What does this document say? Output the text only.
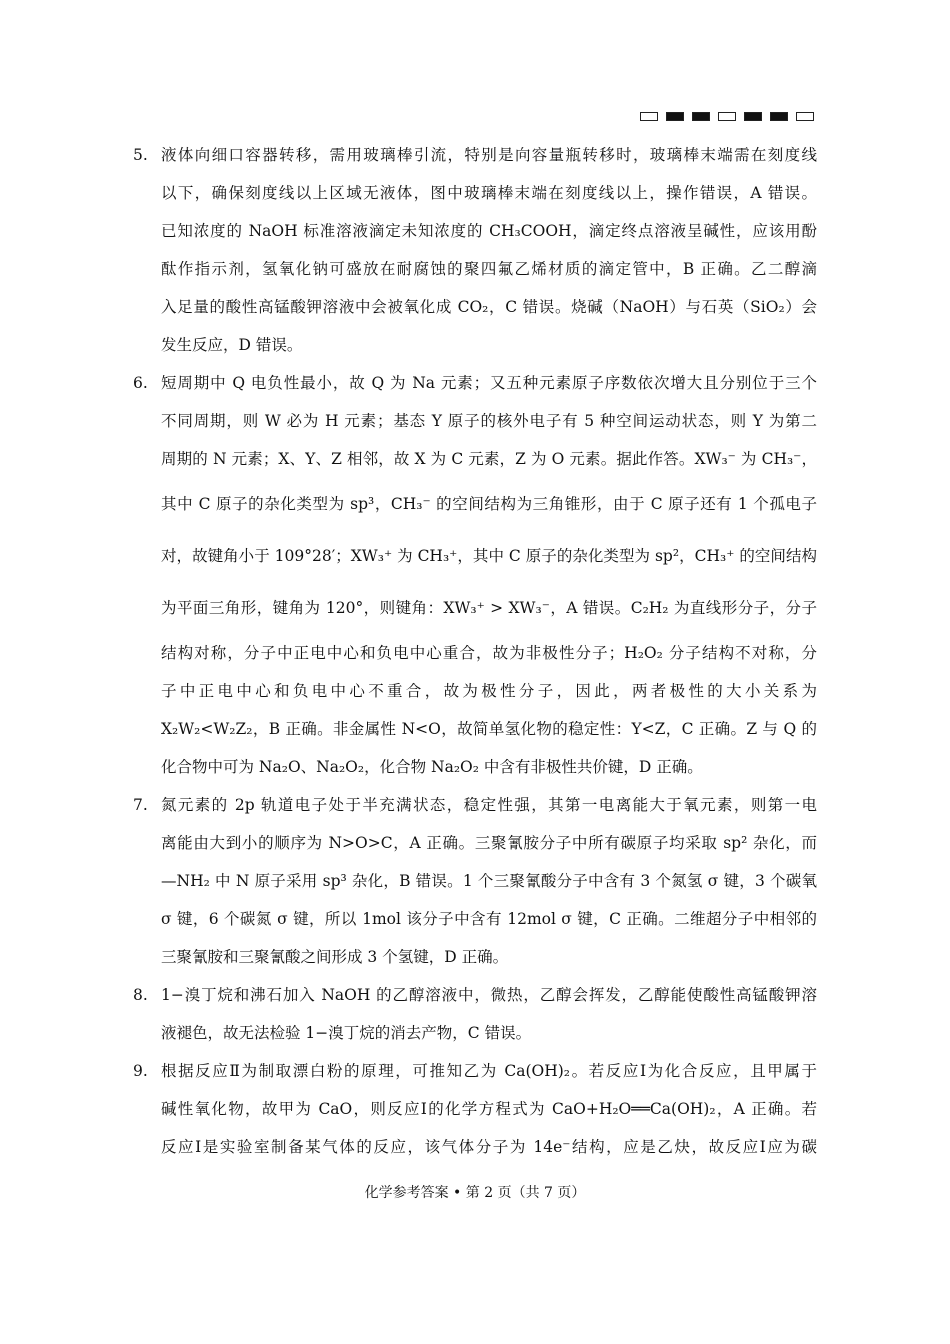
5. 液体向细口容器转移，需用玻璃棒引流，特别是向容量瓶转移时，玻璃棒末端需在刻度线
以下，确保刻度线以上区域无液体，图中玻璃棒末端在刻度线以上，操作错误，A 错误。
已知浓度的 NaOH 标准溶液滴定未知浓度的 CH₃COOH，滴定终点溶液呈碱性，应该用酚
酞作指示剂，氢氧化钠可盛放在耐腐蚀的聚四氟乙烯材质的滴定管中，B 正确。乙二醇滴
入足量的酸性高锰酸钾溶液中会被氧化成 CO₂，C 错误。烧碱（NaOH）与石英（SiO₂）会
发生反应，D 错误。
6. 短周期中 Q 电负性最小，故 Q 为 Na 元素；又五种元素原子序数依次增大且分别位于三个
不同周期，则 W 必为 H 元素；基态 Y 原子的核外电子有 5 种空间运动状态，则 Y 为第二
周期的 N 元素；X、Y、Z 相邻，故 X 为 C 元素，Z 为 O 元素。据此作答。XW₃⁻ 为 CH₃⁻，
其中 C 原子的杂化类型为 sp³，CH₃⁻ 的空间结构为三角锥形，由于 C 原子还有 1 个孤电子
对，故键角小于 109°28′；XW₃⁺ 为 CH₃⁺，其中 C 原子的杂化类型为 sp²，CH₃⁺ 的空间结构
为平面三角形，键角为 120°，则键角：XW₃⁺ > XW₃⁻，A 错误。C₂H₂ 为直线形分子，分子
结构对称，分子中正电中心和负电中心重合，故为非极性分子；H₂O₂ 分子结构不对称，分
子中正电中心和负电中心不重合，故为极性分子，因此，两者极性的大小关系为
X₂W₂<W₂Z₂，B 正确。非金属性 N<O，故简单氢化物的稳定性：Y<Z，C 正确。Z 与 Q 的
化合物中可为 Na₂O、Na₂O₂，化合物 Na₂O₂ 中含有非极性共价键，D 正确。
7. 氮元素的 2p 轨道电子处于半充满状态，稳定性强，其第一电离能大于氧元素，则第一电
离能由大到小的顺序为 N>O>C，A 正确。三聚氰胺分子中所有碳原子均采取 sp² 杂化，而
—NH₂ 中 N 原子采用 sp³ 杂化，B 错误。1 个三聚氰酸分子中含有 3 个氮氢 σ 键，3 个碳氧
σ 键，6 个碳氮 σ 键，所以 1mol 该分子中含有 12mol σ 键，C 正确。二维超分子中相邻的
三聚氰胺和三聚氰酸之间形成 3 个氢键，D 正确。
8. 1−溴丁烷和沸石加入 NaOH 的乙醇溶液中，微热，乙醇会挥发，乙醇能使酸性高锰酸钾溶
液褪色，故无法检验 1−溴丁烷的消去产物，C 错误。
9. 根据反应Ⅱ为制取漂白粉的原理，可推知乙为 Ca(OH)₂。若反应Ⅰ为化合反应，且甲属于
碱性氧化物，故甲为 CaO，则反应Ⅰ的化学方程式为 CaO+H₂O══Ca(OH)₂，A 正确。若
反应Ⅰ是实验室制备某气体的反应，该气体分子为 14e⁻结构，应是乙炔，故反应Ⅰ应为碳
化学参考答案 • 第 2 页（共 7 页）
